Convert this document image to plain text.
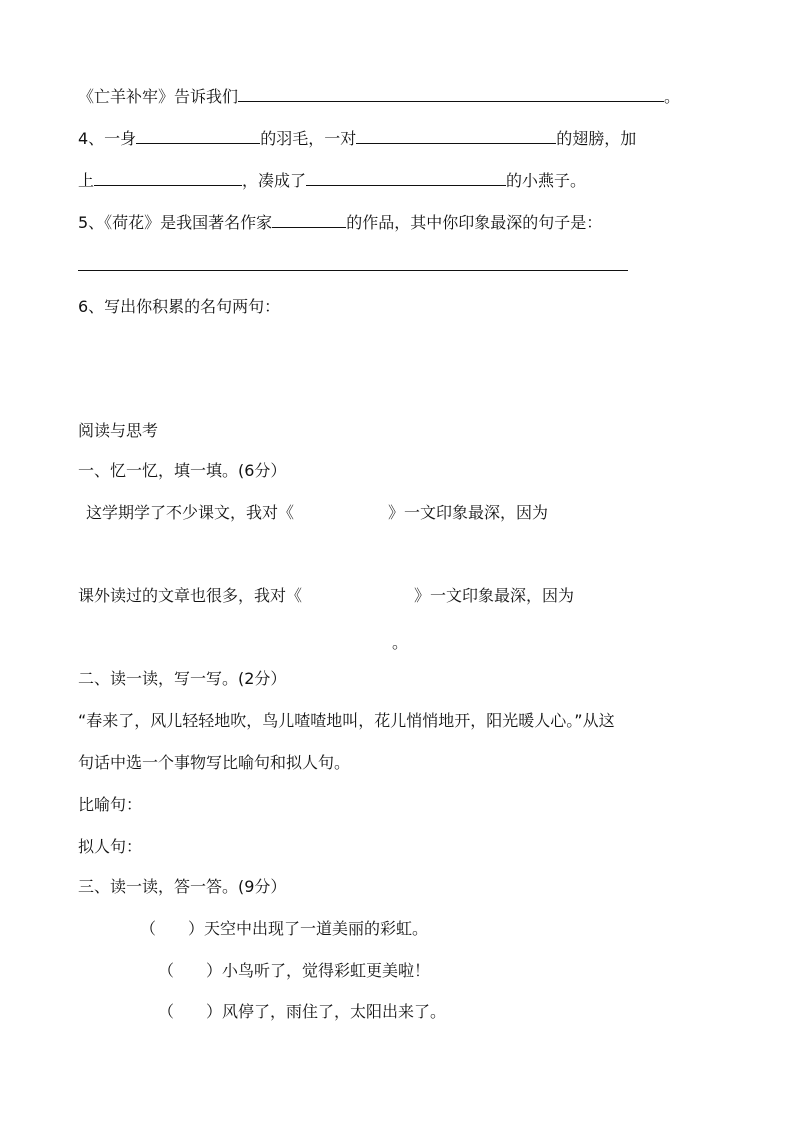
《亡羊补牢》告诉我们	。
4、一身	的羽毛，一对	的翅膀，加
上	，凑成了	的小燕子。
5、《荷花》是我国著名作家	的作品，其中你印象最深的句子是：
6、写出你积累的名句两句：
阅读与思考
一、忆一忆，填一填。(6分）
这学期学了不少课文，我对《	》一文印象最深，因为
课外读过的文章也很多，我对《	》一文印象最深，因为
。
二、读一读，写一写。(2分）
“春来了，风儿轻轻地吹，鸟儿喳喳地叫，花儿悄悄地开，阳光暖人心。”从这
句话中选一个事物写比喻句和拟人句。
比喻句：
拟人句：
三、读一读，答一答。(9分）
（　　）天空中出现了一道美丽的彩虹。
（　　）小鸟听了，觉得彩虹更美啦！
（　　）风停了，雨住了，太阳出来了。
